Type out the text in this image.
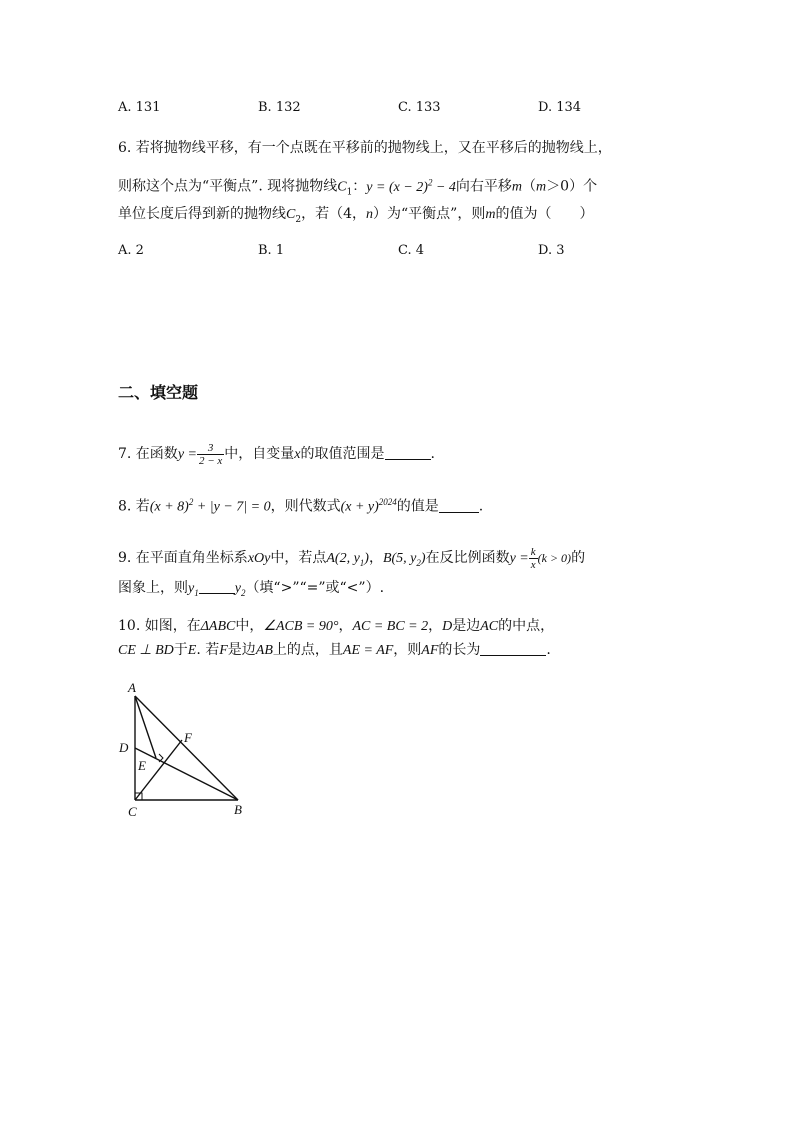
A. 131	B. 132	C. 133	D. 134
6. 若将抛物线平移，有一个点既在平移前的抛物线上，又在平移后的抛物线上，
则称这个点为“平衡点”. 现将抛物线$C_1$：$y = (x - 2)^2 - 4$向右平移m（m＞0）个
单位长度后得到新的抛物线$C_2$，若（4，n）为“平衡点”，则m的值为（　　）
A. 2	B. 1	C. 4	D. 3
二、填空题
7. 在函数$y = \frac{3}{2 - x}$ 中，自变量x的取值范围是	.
8. 若$(x + 8)^2 + |y - 7| = 0$，则代数式$(x + y)^{2024}$的值是	.
9. 在平面直角坐标系xOy中，若点A(2, $y_1$)，B(5, $y_2$)在反比例函数$y = \frac{k}{x} (k > 0)$的
图象上，则$y_1$	$y_2$（填“>”“=”或“<”）.
10. 如图，在ΔABC中，∠ACB = 90°，AC = BC = 2，D是边AC的中点，
CE ⊥ BD于E. 若F是边AB上的点，且AE = AF，则AF的长为	.
A
D
E
F
C	B
